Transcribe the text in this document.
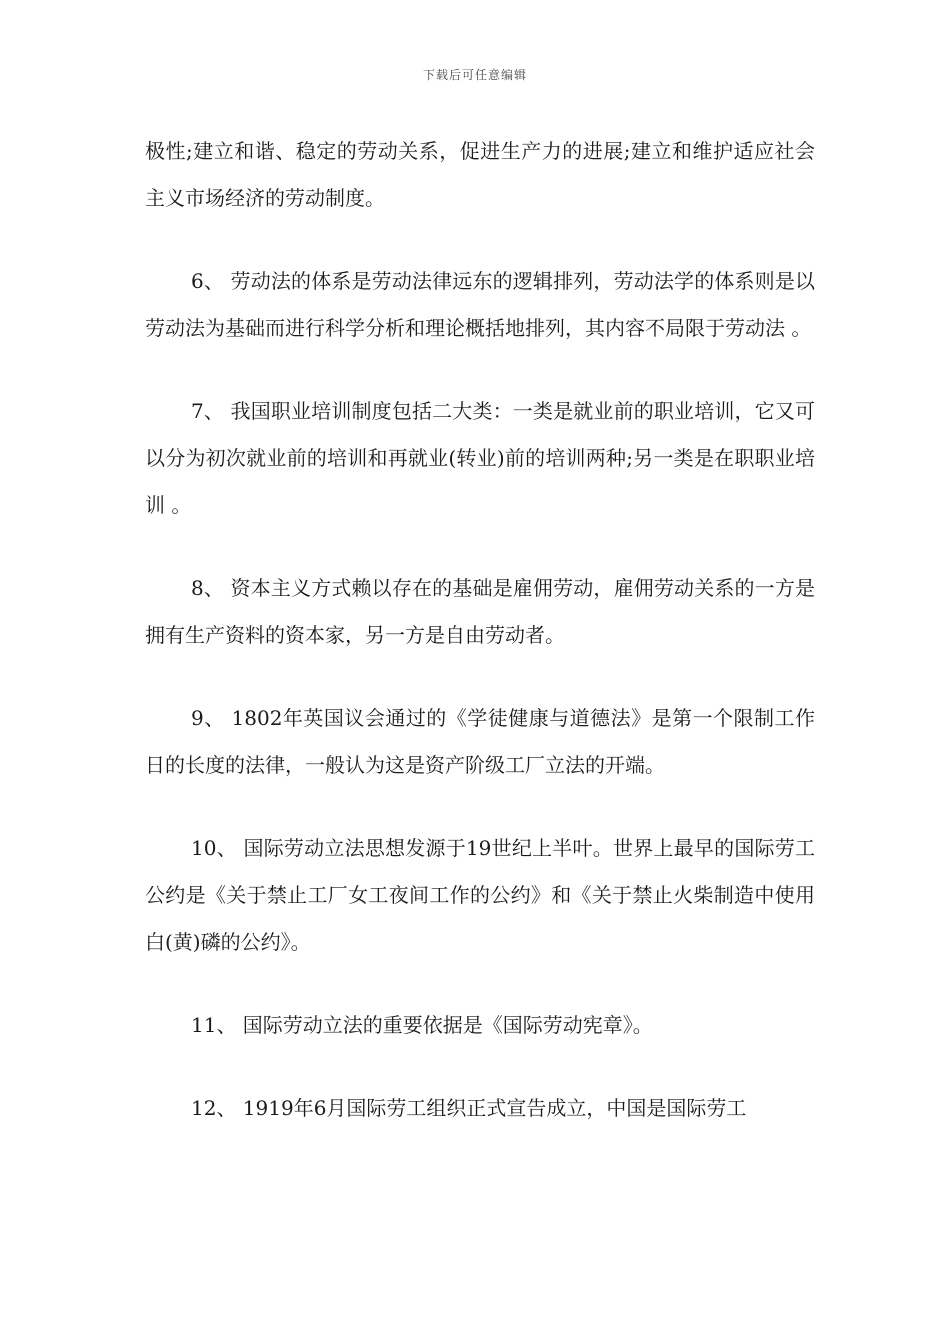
下载后可任意编辑

极性;建立和谐、稳定的劳动关系，促进生产力的进展;建立和维护适应社会主义市场经济的劳动制度。

6、 劳动法的体系是劳动法律远东的逻辑排列，劳动法学的体系则是以劳动法为基础而进行科学分析和理论概括地排列，其内容不局限于劳动法 。

7、 我国职业培训制度包括二大类：一类是就业前的职业培训，它又可以分为初次就业前的培训和再就业(转业)前的培训两种;另一类是在职职业培训 。

8、 资本主义方式赖以存在的基础是雇佣劳动，雇佣劳动关系的一方是拥有生产资料的资本家，另一方是自由劳动者。

9、 1802年英国议会通过的《学徒健康与道德法》是第一个限制工作日的长度的法律，一般认为这是资产阶级工厂立法的开端。

10、 国际劳动立法思想发源于19世纪上半叶。世界上最早的国际劳工公约是《关于禁止工厂女工夜间工作的公约》和《关于禁止火柴制造中使用白(黄)磷的公约》。

11、 国际劳动立法的重要依据是《国际劳动宪章》。

12、 1919年6月国际劳工组织正式宣告成立，中国是国际劳工
